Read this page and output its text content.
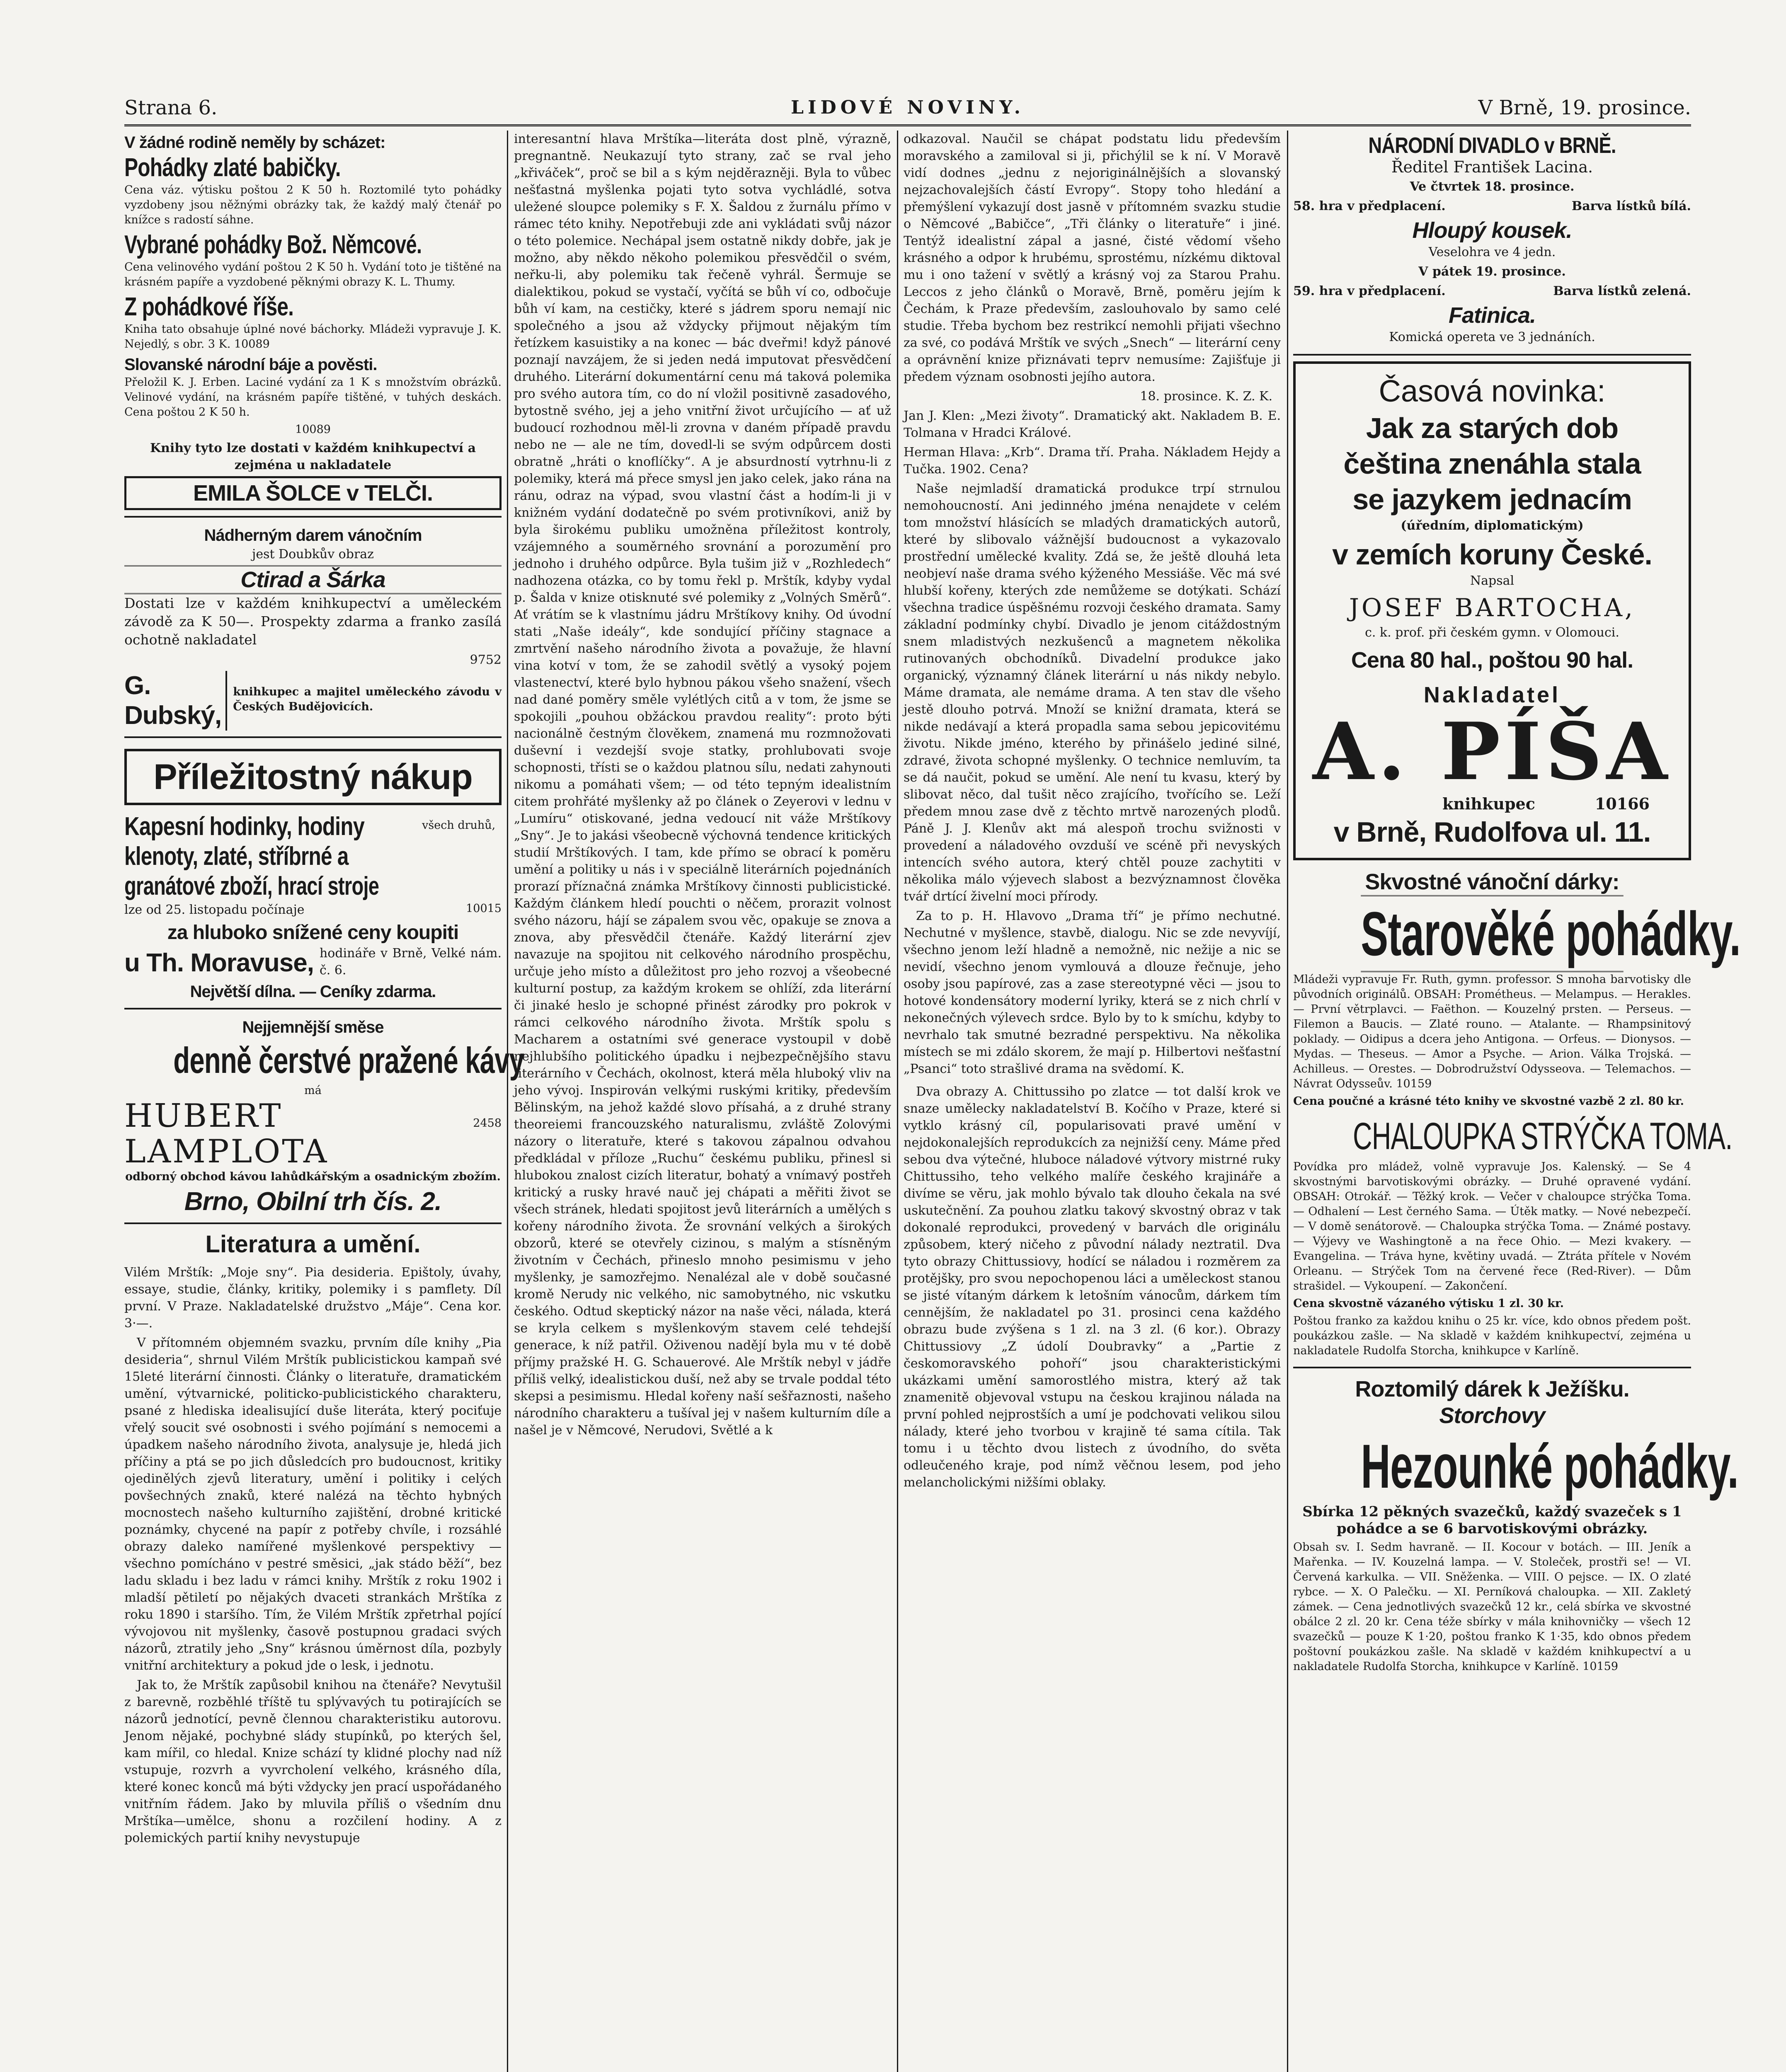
Strana 6.	LIDOVÉ NOVINY.	V Brně, 19. prosince.
V žádné rodině neměly by scházet:
Pohádky zlaté babičky.
Cena váz. výtisku poštou 2 K 50 h. Roztomilé tyto pohádky vyzdobeny jsou něžnými obrázky tak, že každý malý čtenář po knížce s radostí sáhne.
Vybrané pohádky Bož. Němcové.
Cena velinového vydání poštou 2 K 50 h. Vydání toto je tištěné na krásném papíře a vyzdobené pěknými obrazy K. L. Thumy.
Z pohádkové říše.
Kniha tato obsahuje úplné nové báchorky. Mládeži vypravuje J. K. Nejedlý, s obr. 3 K. 10089
Slovanské národní báje a pověsti.
Přeložil K. J. Erben. Laciné vydání za 1 K s množstvím obrázků. Velinové vydání, na krásném papíře tištěné, v tuhých deskách. Cena poštou 2 K 50 h.
10089
Knihy tyto lze dostati v každém knihkupectví a zejména u nakladatele
EMILA ŠOLCE v TELČI.
Nádherným darem vánočním
jest Doubkův obraz
Ctirad a Šárka
Dostati lze v každém knihkupectví a uměleckém závodě za K 50—. Prospekty zdarma a franko zasílá ochotně nakladatel
9752
G. Dubský,
knihkupec a majitel uměleckého závodu v Českých Budějovicích.
Příležitostný nákup
Kapesní hodinky, hodiny	všech druhů,
klenoty, zlaté, stříbrné a
granátové zboží, hrací stroje
lze od 25. listopadu počínaje	10015
za hluboko snížené ceny koupiti
u Th. Moravuse, hodináře v Brně, Velké nám. č. 6.
Největší dílna. — Ceníky zdarma.
Nejjemnější směse
denně čerstvé pražené kávy
má
HUBERT LAMPLOTA
2458
odborný obchod kávou lahůdkářským a osadnickým zbožím.
Brno, Obilní trh čís. 2.
Literatura a umění.

Vilém Mrštík: „Moje sny“. Pia desideria. Epištoly, úvahy, essaye, studie, články, kritiky, polemiky i s pamflety. Díl první. V Praze. Nakladatelské družstvo „Máje“. Cena kor. 3·—.

V přítomném objemném svazku, prvním díle knihy „Pia desideria“, shrnul Vilém Mrštík publicistickou kampaň své 15leté literární činnosti. Články o literatuře, dramatickém umění, výtvarnické, politicko-publicistického charakteru, psané z hlediska idealisující duše literáta, který pociťuje vřelý soucit své osobnosti i svého pojímání s nemocemi a úpadkem našeho národního života, analysuje je, hledá jich příčiny a ptá se po jich důsledcích pro budoucnost, kritiky ojedinělých zjevů literatury, umění i politiky i celých povšechných znaků, které nalézá na těchto hybných mocnostech našeho kulturního zajištění, drobné kritické poznámky, chycené na papír z potřeby chvíle, i rozsáhlé obrazy daleko namířené myšlenkové perspektivy — všechno pomícháno v pestré směsici, „jak stádo běží“, bez ladu skladu i bez ladu v rámci knihy. Mrštík z roku 1902 i mladší pětiletí po nějakých dvaceti strankách Mrštíka z roku 1890 i staršího. Tím, že Vilém Mrštík zpřetrhal pojící vývojovou nit myšlenky, časově postupnou gradaci svých názorů, ztratily jeho „Sny“ krásnou úměrnost díla, pozbyly vnitřní architektury a pokud jde o lesk, i jednotu.

Jak to, že Mrštík zapůsobil knihou na čtenáře? Nevytušil z barevně, rozběhlé tříště tu splývavých tu potirajících se názorů jednotící, pevně člennou charakteristiku autorovu. Jenom nějaké, pochybné slády stupínků, po kterých šel, kam mířil, co hledal. Knize schází ty klidné plochy nad níž vstupuje, rozvrh a vyvrcholení velkého, krásného díla, které konec konců má býti vždycky jen prací uspořádaného vnitřním řádem. Jako by mluvila příliš o všedním dnu Mrštíka—umělce, shonu a rozčilení hodiny. A z polemických partií knihy nevystupuje

interesantní hlava Mrštíka—literáta dost plně, výrazně, pregnantně. Neukazují tyto strany, zač se rval jeho „křiváček“, proč se bil a s kým nejděrazněji. Byla to vůbec nešťastná myšlenka pojati tyto sotva vychládlé, sotva uležené sloupce polemiky s F. X. Šaldou z žurnálu přímo v rámec této knihy. Nepotřebuji zde ani vykládati svůj názor o této polemice. Nechápal jsem ostatně nikdy dobře, jak je možno, aby někdo někoho polemikou přesvědčil o svém, neřku-li, aby polemiku tak řečeně vyhrál. Šermuje se dialektikou, pokud se vystačí, vyčítá se bůh ví co, odbočuje bůh ví kam, na cestičky, které s jádrem sporu nemají nic společného a jsou až vždycky přijmout nějakým tím řetízkem kasuistiky a na konec — bác dveřmi! když pánové poznají navzájem, že si jeden nedá imputovat přesvědčení druhého. Literární dokumentární cenu má taková polemika pro svého autora tím, co do ní vložil positivně zasadového, bytostně svého, jej a jeho vnitřní život určujícího — ať už budoucí rozhodnou měl-li zrovna v daném případě pravdu nebo ne — ale ne tím, dovedl-li se svým odpůrcem dosti obratně „hráti o knoflíčky“. A je absurdností vytrhnu-li z polemiky, která má přece smysl jen jako celek, jako rána na ránu, odraz na výpad, svou vlastní část a hodím-li ji v knižném vydání dodatečně po svém protivníkovi, aniž by byla širokému publiku umožněna příležitost kontroly, vzájemného a souměrného srovnání a porozumění pro jednoho i druhého odpůrce. Byla tušim již v „Rozhledech“ nadhozena otázka, co by tomu řekl p. Mrštík, kdyby vydal p. Šalda v knize otisknuté své polemiky z „Volných Směrů“. Ať vrátím se k vlastnímu jádru Mrštíkovy knihy. Od úvodní stati „Naše ideály“, kde sondující příčiny stagnace a zmrtvění našeho národního života a považuje, že hlavní vina kotví v tom, že se zahodil světlý a vysoký pojem vlastenectví, které bylo hybnou pákou všeho snažení, všech nad dané poměry směle vylétlých citů a v tom, že jsme se spokojili „pouhou obžáckou pravdou reality“: proto býti nacionálně čestným člověkem, znamená mu rozmnožovati duševní i vezdejší svoje statky, prohlubovati svoje schopnosti, třísti se o každou platnou sílu, nedati zahynouti nikomu a pomáhati všem; — od této tepným idealistním citem prohřáté myšlenky až po článek o Zeyerovi v lednu v „Lumíru“ otiskované, jedna vedoucí nit váže Mrštíkovy „Sny“. Je to jakási všeobecně výchovná tendence kritických studií Mrštíkových. I tam, kde přímo se obrací k poměru umění a politiky u nás i v speciálně literárních pojednáních prorazí příznačná známka Mrštíkovy činnosti publicistické. Každým článkem hledí pouchti o něčem, prorazit volnost svého názoru, hájí se zápalem svou věc, opakuje se znova a znova, aby přesvědčil čtenáře. Každý literární zjev navazuje na spojitou nit celkového národního prospěchu, určuje jeho místo a důležitost pro jeho rozvoj a všeobecné kulturní postup, za každým krokem se ohlíží, zda literární či jinaké heslo je schopné přinést zárodky pro pokrok v rámci celkového národního života. Mrštík spolu s Macharem a ostatními své generace vystoupil v době nejhlubšího politického úpadku i nejbezpečnějšího stavu literárního v Čechách, okolnost, která měla hluboký vliv na jeho vývoj. Inspirován velkými ruskými kritiky, především Bělinským, na jehož každé slovo přísahá, a z druhé strany theoreiemi francouzského naturalismu, zvláště Zolovými názory o literatuře, které s takovou zápalnou odvahou předkládal v příloze „Ruchu“ českému publiku, přinesl si hlubokou znalost cizích literatur, bohatý a vnímavý postřeh kritický a rusky hravé nauč jej chápati a měřiti život se všech stránek, hledati spojitost jevů literárních a umělých s kořeny národního života. Že srovnání velkých a širokých obzorů, které se otevřely cizinou, s malým a stísněným životním v Čechách, přineslo mnoho pesimismu v jeho myšlenky, je samozřejmo. Nenalézal ale v době současné kromě Nerudy nic velkého, nic samobytného, nic vskutku českého. Odtud skeptický názor na naše věci, nálada, která se kryla celkem s myšlenkovým stavem celé tehdejší generace, k níž patřil. Oživenou nadějí byla mu v té době příjmy pražské H. G. Schauerové. Ale Mrštík nebyl v jádře příliš velký, idealistickou duší, než aby se trvale poddal této skepsi a pesimismu. Hledal kořeny naší sešřaznosti, našeho národního charakteru a tušíval jej v našem kulturním díle a našel je v Němcové, Nerudovi, Světlé a k

odkazoval. Naučil se chápat podstatu lidu především moravského a zamiloval si ji, přichýlil se k ní. V Moravě vidí dodnes „jednu z nejoriginálnějších a slovanský nejzachovalejších částí Evropy“. Stopy toho hledání a přemýšlení vykazují dost jasně v přítomném svazku studie o Němcové „Babičce“, „Tři články o literatuře“ i jiné. Tentýž idealistní zápal a jasné, čisté vědomí všeho krásného a odpor k hrubému, sprostému, nízkému diktoval mu i ono tažení v světlý a krásný voj za Starou Prahu. Leccos z jeho článků o Moravě, Brně, poměru jejím k Čechám, k Praze především, zaslouhovalo by samo celé studie. Třeba bychom bez restrikcí nemohli přijati všechno za své, co podává Mrštík ve svých „Snech“ — literární ceny a oprávnění knize přiznávati teprv nemusíme: Zajišťuje ji předem význam osobnosti jejího autora.

18. prosince. K. Z. K.

Jan J. Klen: „Mezi životy“. Dramatický akt. Nakladem B. E. Tolmana v Hradci Králové.

Herman Hlava: „Krb“. Drama tří. Praha. Nákladem Hejdy a Tučka. 1902. Cena?

Naše nejmladší dramatická produkce trpí strnulou nemohoucností. Ani jedinného jména nenajdete v celém tom množství hlásících se mladých dramatických autorů, které by slibovalo vážnější budoucnost a vykazovalo prostřední umělecké kvality. Zdá se, že ještě dlouhá leta neobjeví naše drama svého kýženého Messiáše. Věc má své hlubší kořeny, kterých zde nemůžeme se dotýkati. Schází všechna tradice úspěšnému rozvoji českého dramata. Samy základní podmínky chybí. Divadlo je jenom citáždostným snem mladistvých nezkušenců a magnetem několika rutinovaných obchodníků. Divadelní produkce jako organický, významný článek literární u nás nikdy nebylo. Máme dramata, ale nemáme drama. A ten stav dle všeho jestě dlouho potrvá. Množí se knižní dramata, která se nikde nedávají a která propadla sama sebou jepicovitému životu. Nikde jméno, kterého by přinášelo jediné silné, zdravé, života schopné myšlenky. O technice nemluvím, ta se dá naučit, pokud se umění. Ale není tu kvasu, který by slibovat něco, dal tušit něco zrajícího, tvořícího se. Leží předem mnou zase dvě z těchto mrtvě narozených plodů. Páně J. J. Klenův akt má alespoň trochu svižnosti v provedení a náladového ovzduší ve scéně při nevyských intencích svého autora, který chtěl pouze zachytiti v několika málo výjevech slabost a bezvýznamnost člověka tvář drtící živelní moci přírody.

Za to p. H. Hlavovo „Drama tří“ je přímo nechutné. Nechutné v myšlence, stavbě, dialogu. Nic se zde nevyvíjí, všechno jenom leží hladně a nemožně, nic nežije a nic se nevidí, všechno jenom vymlouvá a dlouze řečnuje, jeho osoby jsou papírové, zas a zase stereotypné věci — jsou to hotové kondensátory moderní lyriky, která se z nich chrlí v nekonečných výlevech srdce. Bylo by to k smíchu, kdyby to nevrhalo tak smutné bezradné perspektivu. Na několika místech se mi zdálo skorem, že mají p. Hilbertovi nešťastní „Psanci“ toto strašlivé drama na svědomí. K.

Dva obrazy A. Chittussiho po zlatce — tot další krok ve snaze umělecky nakladatelství B. Kočího v Praze, které si vytklo krásný cíl, popularisovati pravé umění v nejdokonalejších reprodukcích za nejnižší ceny. Máme před sebou dva výtečné, hluboce náladové výtvory mistrné ruky Chittussiho, teho velkého malíře českého krajináře a divíme se věru, jak mohlo bývalo tak dlouho čekala na své uskutečnění. Za pouhou zlatku takový skvostný obraz v tak dokonalé reprodukci, provedený v barvách dle originálu způsobem, který ničeho z původní nálady neztratil. Dva tyto obrazy Chittussiovy, hodící se náladou i rozměrem za protějšky, pro svou nepochopenou láci a uměleckost stanou se jisté vítaným dárkem k letošním vánocům, dárkem tím cennějším, že nakladatel po 31. prosinci cena každého obrazu bude zvýšena s 1 zl. na 3 zl. (6 kor.). Obrazy Chittussiovy „Z údolí Doubravky“ a „Partie z českomoravského pohoří“ jsou charakteristickými ukázkami umění samorostlého mistra, který až tak znamenitě objevoval vstupu na českou krajinou nálada na první pohled nejprostších a umí je podchovati velikou silou nálady, které jeho tvorbou v krajině té sama cítila. Tak tomu i u těchto dvou listech z úvodního, do světa odleučeného kraje, pod nímž věčnou lesem, pod jeho melancholickými nižšími oblaky.

NÁRODNÍ DIVADLO v BRNĚ.
Ředitel František Lacina.
Ve čtvrtek 18. prosince.
58. hra v předplacení.	Barva lístků bílá.
Hloupý kousek.
Veselohra ve 4 jedn.
V pátek 19. prosince.
59. hra v předplacení.	Barva lístků zelená.
Fatinica.
Komická opereta ve 3 jednáních.
Časová novinka:
Jak za starých dob
čeština znenáhla stala
se jazykem jednacím
(úředním, diplomatickým)
v zemích koruny České.
Napsal
JOSEF BARTOCHA,
c. k. prof. při českém gymn. v Olomouci.
Cena 80 hal., poštou 90 hal.
Nakladatel
A. PÍŠA
knihkupec	10166
v Brně, Rudolfova ul. 11.
Skvostné vánoční dárky:
Starověké pohádky.
Mládeži vypravuje Fr. Ruth, gymn. professor. S mnoha barvotisky dle původních originálů. OBSAH: Prométheus. — Melampus. — Herakles. — První větrplavci. — Faëthon. — Kouzelný prsten. — Perseus. — Filemon a Baucis. — Zlaté rouno. — Atalante. — Rhampsinitový poklady. — Oidipus a dcera jeho Antigona. — Orfeus. — Dionysos. — Mydas. — Theseus. — Amor a Psyche. — Arion. Válka Trojská. — Achilleus. — Orestes. — Dobrodružství Odysseova. — Telemachos. — Návrat Odysseův. 10159
Cena poučné a krásné této knihy ve skvostné vazbě 2 zl. 80 kr.
CHALOUPKA STRÝČKA TOMA.
Povídka pro mládež, volně vypravuje Jos. Kalenský. — Se 4 skvostnými barvotiskovými obrázky. — Druhé opravené vydání. OBSAH: Otrokář. — Těžký krok. — Večer v chaloupce strýčka Toma. — Odhalení — Lest černého Sama. — Útěk matky. — Nové nebezpečí. — V domě senátorově. — Chaloupka strýčka Toma. — Známé postavy. — Výjevy ve Washingtoně a na řece Ohio. — Mezi kvakery. — Evangelina. — Tráva hyne, květiny uvadá. — Ztráta přítele v Novém Orleanu. — Strýček Tom na červené řece (Red-River). — Dům strašidel. — Vykoupení. — Zakončení.
Cena skvostně vázaného výtisku 1 zl. 30 kr.
Poštou franko za každou knihu o 25 kr. více, kdo obnos předem pošt. poukázkou zašle. — Na skladě v každém knihkupectví, zejména u nakladatele Rudolfa Storcha, knihkupce v Karlíně.
Roztomilý dárek k Ježíšku.
Storchovy
Hezounké pohádky.
Sbírka 12 pěkných svazečků, každý svazeček s 1 pohádce a se 6 barvotiskovými obrázky.
Obsah sv. I. Sedm havraně. — II. Kocour v botách. — III. Jeník a Mařenka. — IV. Kouzelná lampa. — V. Stoleček, prostři se! — VI. Červená karkulka. — VII. Sněženka. — VIII. O pejsce. — IX. O zlaté rybce. — X. O Palečku. — XI. Perníková chaloupka. — XII. Zakletý zámek. — Cena jednotlivých svazečků 12 kr., celá sbírka ve skvostné obálce 2 zl. 20 kr. Cena téže sbírky v mála knihovničky — všech 12 svazečků — pouze K 1·20, poštou franko K 1·35, kdo obnos předem poštovní poukázkou zašle. Na skladě v každém knihkupectví a u nakladatele Rudolfa Storcha, knihkupce v Karlíně. 10159
